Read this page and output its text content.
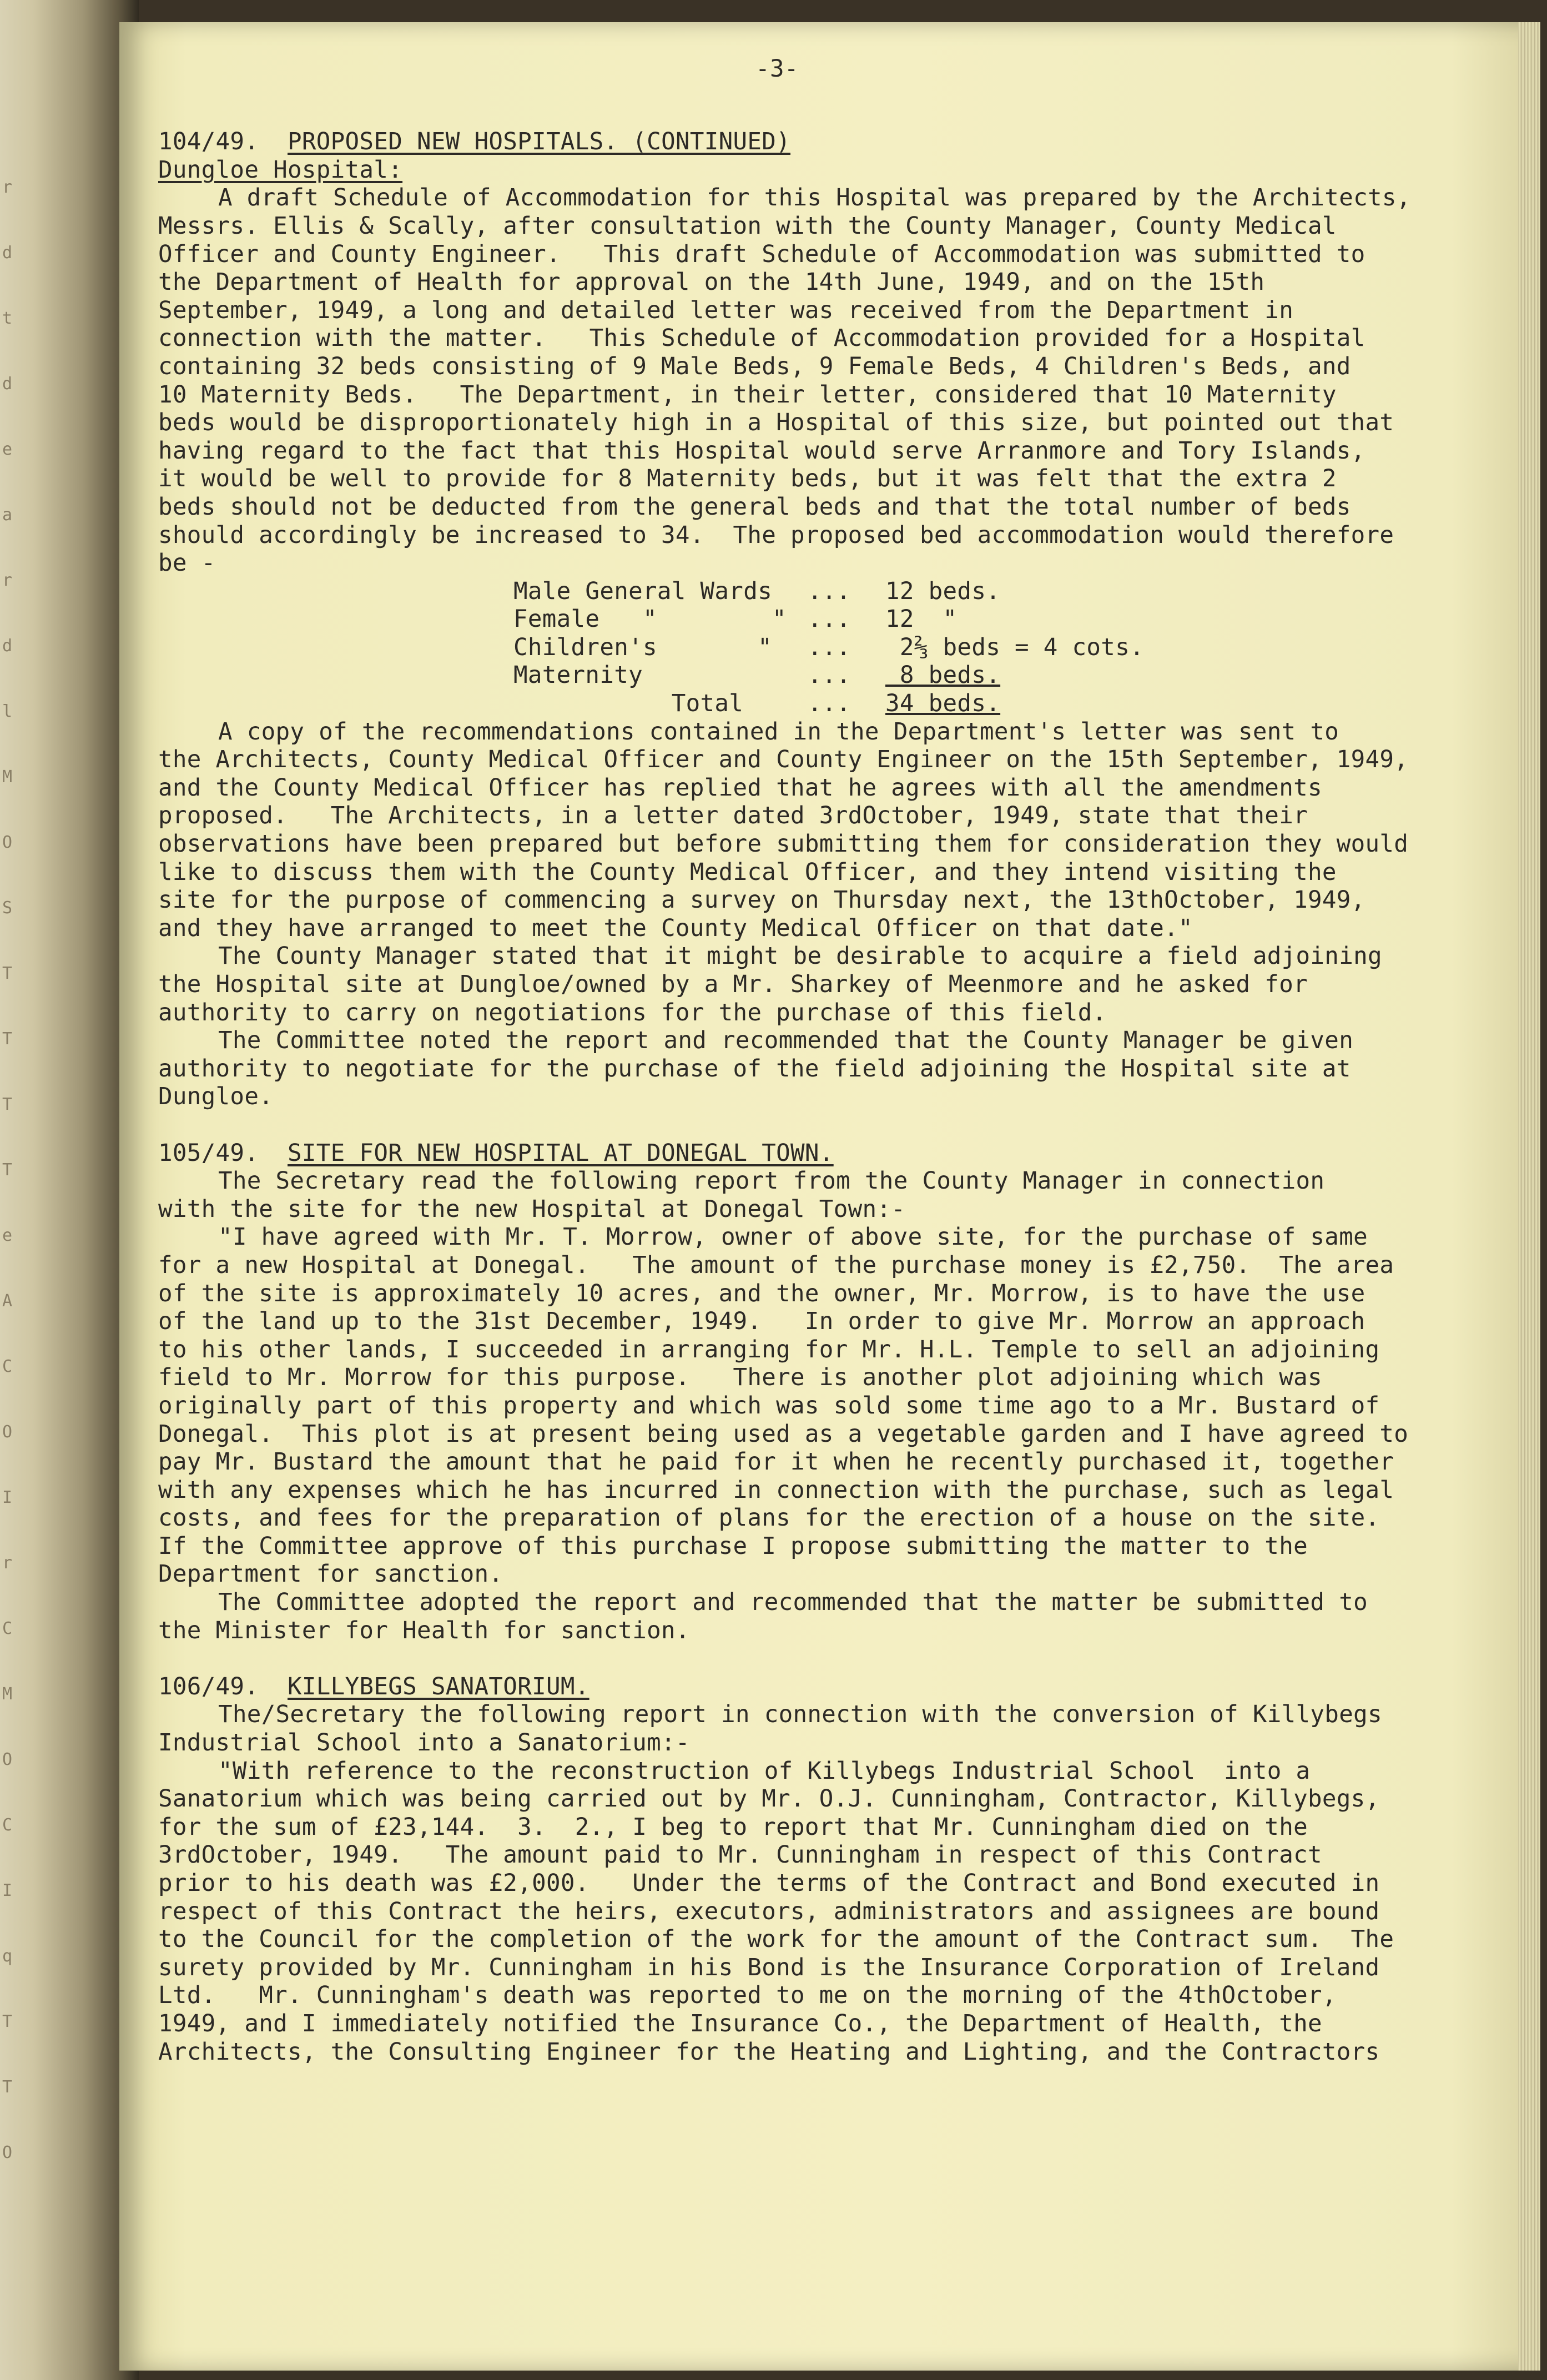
r
d
t
d
e
a
r
d
l
M
O
S
T
T
T
T
e
A
C
O
I
r
C
M
O
C
I
q
T
T
O
-3-
104/49. PROPOSED NEW HOSPITALS. (CONTINUED)
Dungloe Hospital:
A draft Schedule of Accommodation for this Hospital was prepared by the Architects,
Messrs. Ellis & Scally, after consultation with the County Manager, County Medical
Officer and County Engineer.   This draft Schedule of Accommodation was submitted to
the Department of Health for approval on the 14th June, 1949, and on the 15th
September, 1949, a long and detailed letter was received from the Department in
connection with the matter.   This Schedule of Accommodation provided for a Hospital
containing 32 beds consisting of 9 Male Beds, 9 Female Beds, 4 Children's Beds, and
10 Maternity Beds.   The Department, in their letter, considered that 10 Maternity
beds would be disproportionately high in a Hospital of this size, but pointed out that
having regard to the fact that this Hospital would serve Arranmore and Tory Islands,
it would be well to provide for 8 Maternity beds, but it was felt that the extra 2
beds should not be deducted from the general beds and that the total number of beds
should accordingly be increased to 34.  The proposed bed accommodation would therefore
be -
Male General Wards	...	12 beds.
Female   "        " ...	12  "
Children's       "	...	2⅔ beds = 4 cots.
Maternity	...	8 beds.
Total	...	34 beds.
A copy of the recommendations contained in the Department's letter was sent to
the Architects, County Medical Officer and County Engineer on the 15th September, 1949,
and the County Medical Officer has replied that he agrees with all the amendments
proposed.   The Architects, in a letter dated 3rdOctober, 1949, state that their
observations have been prepared but before submitting them for consideration they would
like to discuss them with the County Medical Officer, and they intend visiting the
site for the purpose of commencing a survey on Thursday next, the 13thOctober, 1949,
and they have arranged to meet the County Medical Officer on that date."
The County Manager stated that it might be desirable to acquire a field adjoining
the Hospital site at Dungloe/owned by a Mr. Sharkey of Meenmore and he asked for
authority to carry on negotiations for the purchase of this field.
The Committee noted the report and recommended that the County Manager be given
authority to negotiate for the purchase of the field adjoining the Hospital site at
Dungloe.
105/49. SITE FOR NEW HOSPITAL AT DONEGAL TOWN.
The Secretary read the following report from the County Manager in connection
with the site for the new Hospital at Donegal Town:-
"I have agreed with Mr. T. Morrow, owner of above site, for the purchase of same
for a new Hospital at Donegal.   The amount of the purchase money is £2,750.  The area
of the site is approximately 10 acres, and the owner, Mr. Morrow, is to have the use
of the land up to the 31st December, 1949.   In order to give Mr. Morrow an approach
to his other lands, I succeeded in arranging for Mr. H.L. Temple to sell an adjoining
field to Mr. Morrow for this purpose.   There is another plot adjoining which was
originally part of this property and which was sold some time ago to a Mr. Bustard of
Donegal.  This plot is at present being used as a vegetable garden and I have agreed to
pay Mr. Bustard the amount that he paid for it when he recently purchased it, together
with any expenses which he has incurred in connection with the purchase, such as legal
costs, and fees for the preparation of plans for the erection of a house on the site.
If the Committee approve of this purchase I propose submitting the matter to the
Department for sanction.
The Committee adopted the report and recommended that the matter be submitted to
the Minister for Health for sanction.
106/49. KILLYBEGS SANATORIUM.
The/Secretary the following report in connection with the conversion of Killybegs
Industrial School into a Sanatorium:-
"With reference to the reconstruction of Killybegs Industrial School  into a
Sanatorium which was being carried out by Mr. O.J. Cunningham, Contractor, Killybegs,
for the sum of £23,144.  3.  2., I beg to report that Mr. Cunningham died on the
3rdOctober, 1949.   The amount paid to Mr. Cunningham in respect of this Contract
prior to his death was £2,000.   Under the terms of the Contract and Bond executed in
respect of this Contract the heirs, executors, administrators and assignees are bound
to the Council for the completion of the work for the amount of the Contract sum.  The
surety provided by Mr. Cunningham in his Bond is the Insurance Corporation of Ireland
Ltd.   Mr. Cunningham's death was reported to me on the morning of the 4thOctober,
1949, and I immediately notified the Insurance Co., the Department of Health, the
Architects, the Consulting Engineer for the Heating and Lighting, and the Contractors
